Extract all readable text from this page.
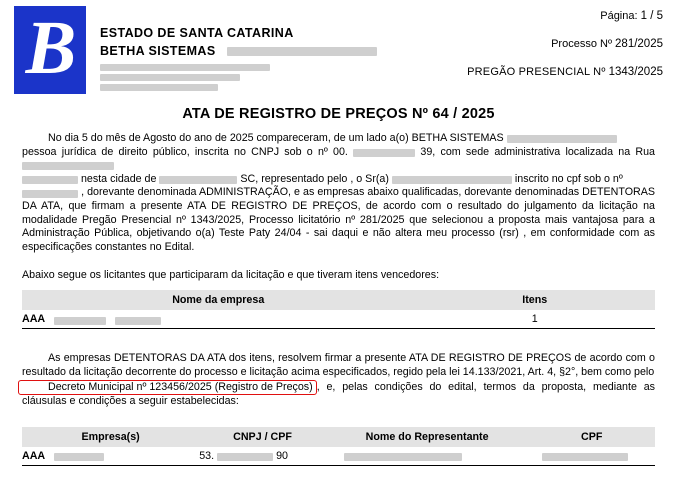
B ESTADO DE SANTA CATARINA
BETHA SISTEMAS
Página: 1 / 5
Processo Nº 281/2025
PREGÃO PRESENCIAL Nº 1343/2025
ATA DE REGISTRO DE PREÇOS Nº 64 / 2025

No dia 5 do mês de Agosto do ano de 2025 compareceram, de um lado a(o) BETHA SISTEMAS
pessoa jurídica de direito público, inscrita no CNPJ sob o nº 00.	39, com sede administrativa localizada na Rua
nesta cidade de	SC, representado pelo , o Sr(a)	inscrito no cpf sob o nº
, dorevante denominada ADMINISTRAÇÃO, e as empresas abaixo qualificadas, dorevante denominadas DETENTORAS DA ATA, que firmam a presente ATA DE REGISTRO DE PREÇOS, de acordo com o resultado do julgamento da licitação na modalidade Pregão Presencial nº 1343/2025, Processo licitatório nº 281/2025 que selecionou a proposta mais vantajosa para a Administração Pública, objetivando o(a) Teste Paty 24/04 - sai daqui e não altera meu processo (rsr) , em conformidade com as especificações constantes no Edital.

Abaixo segue os licitantes que participaram da licitação e que tiveram itens vencedores:
Nome da empresa	Itens
AAA	1

As empresas DETENTORAS DA ATA dos itens, resolvem firmar a presente ATA DE REGISTRO DE PREÇOS de acordo com o resultado da licitação decorrente do processo e licitação acima especificados, regido pela lei 14.133/2021, Art. 4, §2°, bem como pelo
Decreto Municipal nº 123456/2025 (Registro de Preços) , e, pelas condições do edital, termos da proposta, mediante as cláusulas e condições a seguir estabelecidas:

Empresa(s)	CNPJ / CPF	Nome do Representante	CPF
AAA	53. 90		
